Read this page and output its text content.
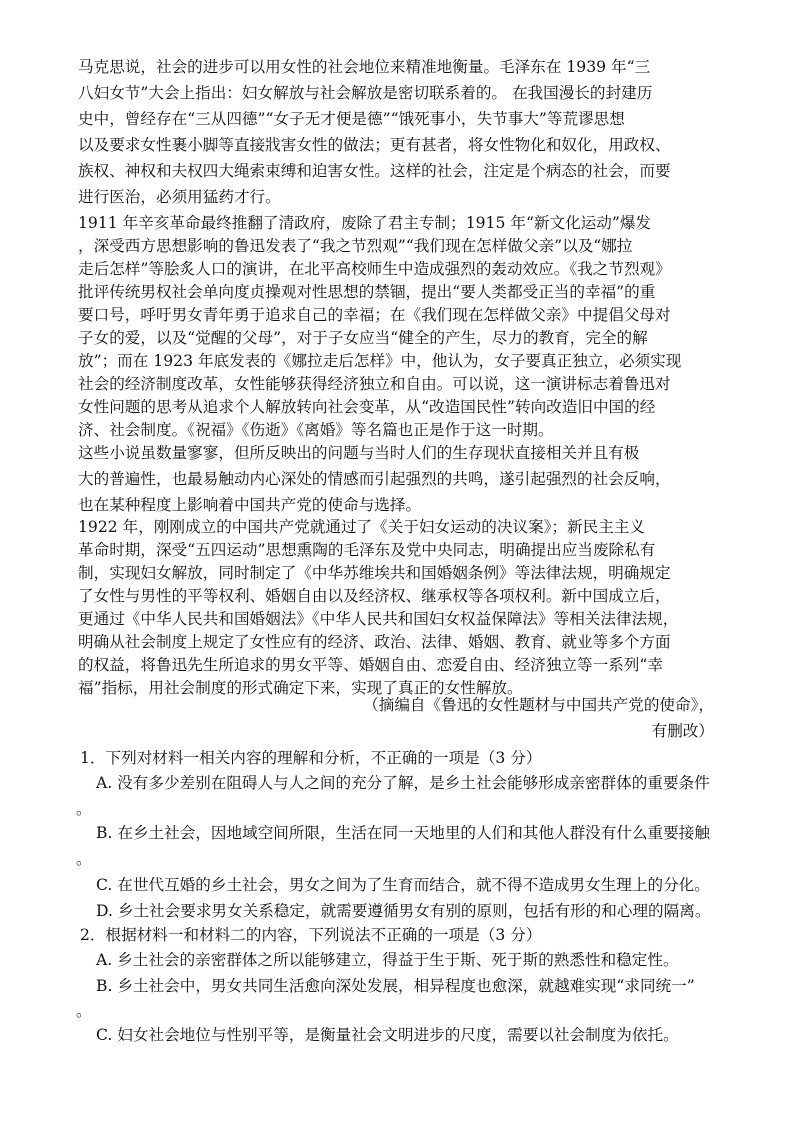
马克思说，社会的进步可以用女性的社会地位来精准地衡量。毛泽东在 1939 年“三
八妇女节”大会上指出：妇女解放与社会解放是密切联系着的。 在我国漫长的封建历
史中，曾经存在“三从四德”“女子无才便是德”“饿死事小，失节事大”等荒谬思想
以及要求女性裹小脚等直接戕害女性的做法；更有甚者，将女性物化和奴化，用政权、
族权、神权和夫权四大绳索束缚和迫害女性。这样的社会，注定是个病态的社会，而要
进行医治，必须用猛药才行。
1911 年辛亥革命最终推翻了清政府，废除了君主专制；1915 年“新文化运动”爆发
，深受西方思想影响的鲁迅发表了“我之节烈观”“我们现在怎样做父亲”以及“娜拉
走后怎样”等脍炙人口的演讲，在北平高校师生中造成强烈的轰动效应。《我之节烈观》
批评传统男权社会单向度贞操观对性思想的禁锢，提出“要人类都受正当的幸福”的重
要口号，呼吁男女青年勇于追求自己的幸福；在《我们现在怎样做父亲》中提倡父母对
子女的爱，以及“觉醒的父母”，对于子女应当“健全的产生，尽力的教育，完全的解
放”；而在 1923 年底发表的《娜拉走后怎样》中，他认为，女子要真正独立，必须实现
社会的经济制度改革，女性能够获得经济独立和自由。可以说，这一演讲标志着鲁迅对
女性问题的思考从追求个人解放转向社会变革，从“改造国民性”转向改造旧中国的经
济、社会制度。《祝福》《伤逝》《离婚》等名篇也正是作于这一时期。
这些小说虽数量寥寥，但所反映出的问题与当时人们的生存现状直接相关并且有极
大的普遍性，也最易触动内心深处的情感而引起强烈的共鸣，遂引起强烈的社会反响，
也在某种程度上影响着中国共产党的使命与选择。
1922 年，刚刚成立的中国共产党就通过了《关于妇女运动的决议案》；新民主主义
革命时期，深受“五四运动”思想熏陶的毛泽东及党中央同志，明确提出应当废除私有
制，实现妇女解放，同时制定了《中华苏维埃共和国婚姻条例》等法律法规，明确规定
了女性与男性的平等权利、婚姻自由以及经济权、继承权等各项权利。新中国成立后，
更通过《中华人民共和国婚姻法》《中华人民共和国妇女权益保障法》等相关法律法规，
明确从社会制度上规定了女性应有的经济、政治、法律、婚姻、教育、就业等多个方面
的权益，将鲁迅先生所追求的男女平等、婚姻自由、恋爱自由、经济独立等一系列“幸
福”指标，用社会制度的形式确定下来，实现了真正的女性解放。
（摘编自《鲁迅的女性题材与中国共产党的使命》，
有删改）
1．下列对材料一相关内容的理解和分析，不正确的一项是（3 分）
A. 没有多少差别在阻碍人与人之间的充分了解，是乡土社会能够形成亲密群体的重要条件
。
B. 在乡土社会，因地域空间所限，生活在同一天地里的人们和其他人群没有什么重要接触
。
C. 在世代互婚的乡土社会，男女之间为了生育而结合，就不得不造成男女生理上的分化。
D. 乡土社会要求男女关系稳定，就需要遵循男女有别的原则，包括有形的和心理的隔离。
2．根据材料一和材料二的内容，下列说法不正确的一项是（3 分）
A. 乡土社会的亲密群体之所以能够建立，得益于生于斯、死于斯的熟悉性和稳定性。
B. 乡土社会中，男女共同生活愈向深处发展，相异程度也愈深，就越难实现“求同统一”
。
C. 妇女社会地位与性别平等，是衡量社会文明进步的尺度，需要以社会制度为依托。
